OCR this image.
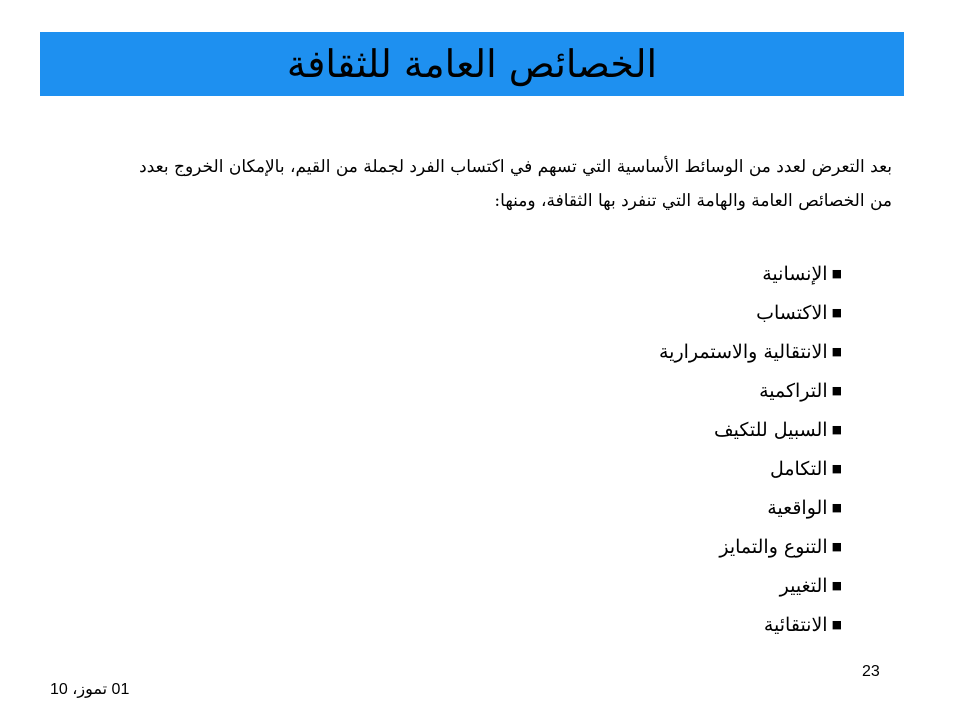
الخصائص العامة للثقافة
بعد التعرض لعدد من الوسائط الأساسية التي تسهم في اكتساب الفرد لجملة من القيم، بالإمكان الخروج بعدد من الخصائص العامة والهامة التي تنفرد بها الثقافة، ومنها:
■
الإنسانية
■
الاكتساب
■
الانتقالية والاستمرارية
■
التراكمية
■
السبيل للتكيف
■
التكامل
■
الواقعية
■
التنوع والتمايز
■
التغيير
■
الانتقائية
23
01 تموز، 10
